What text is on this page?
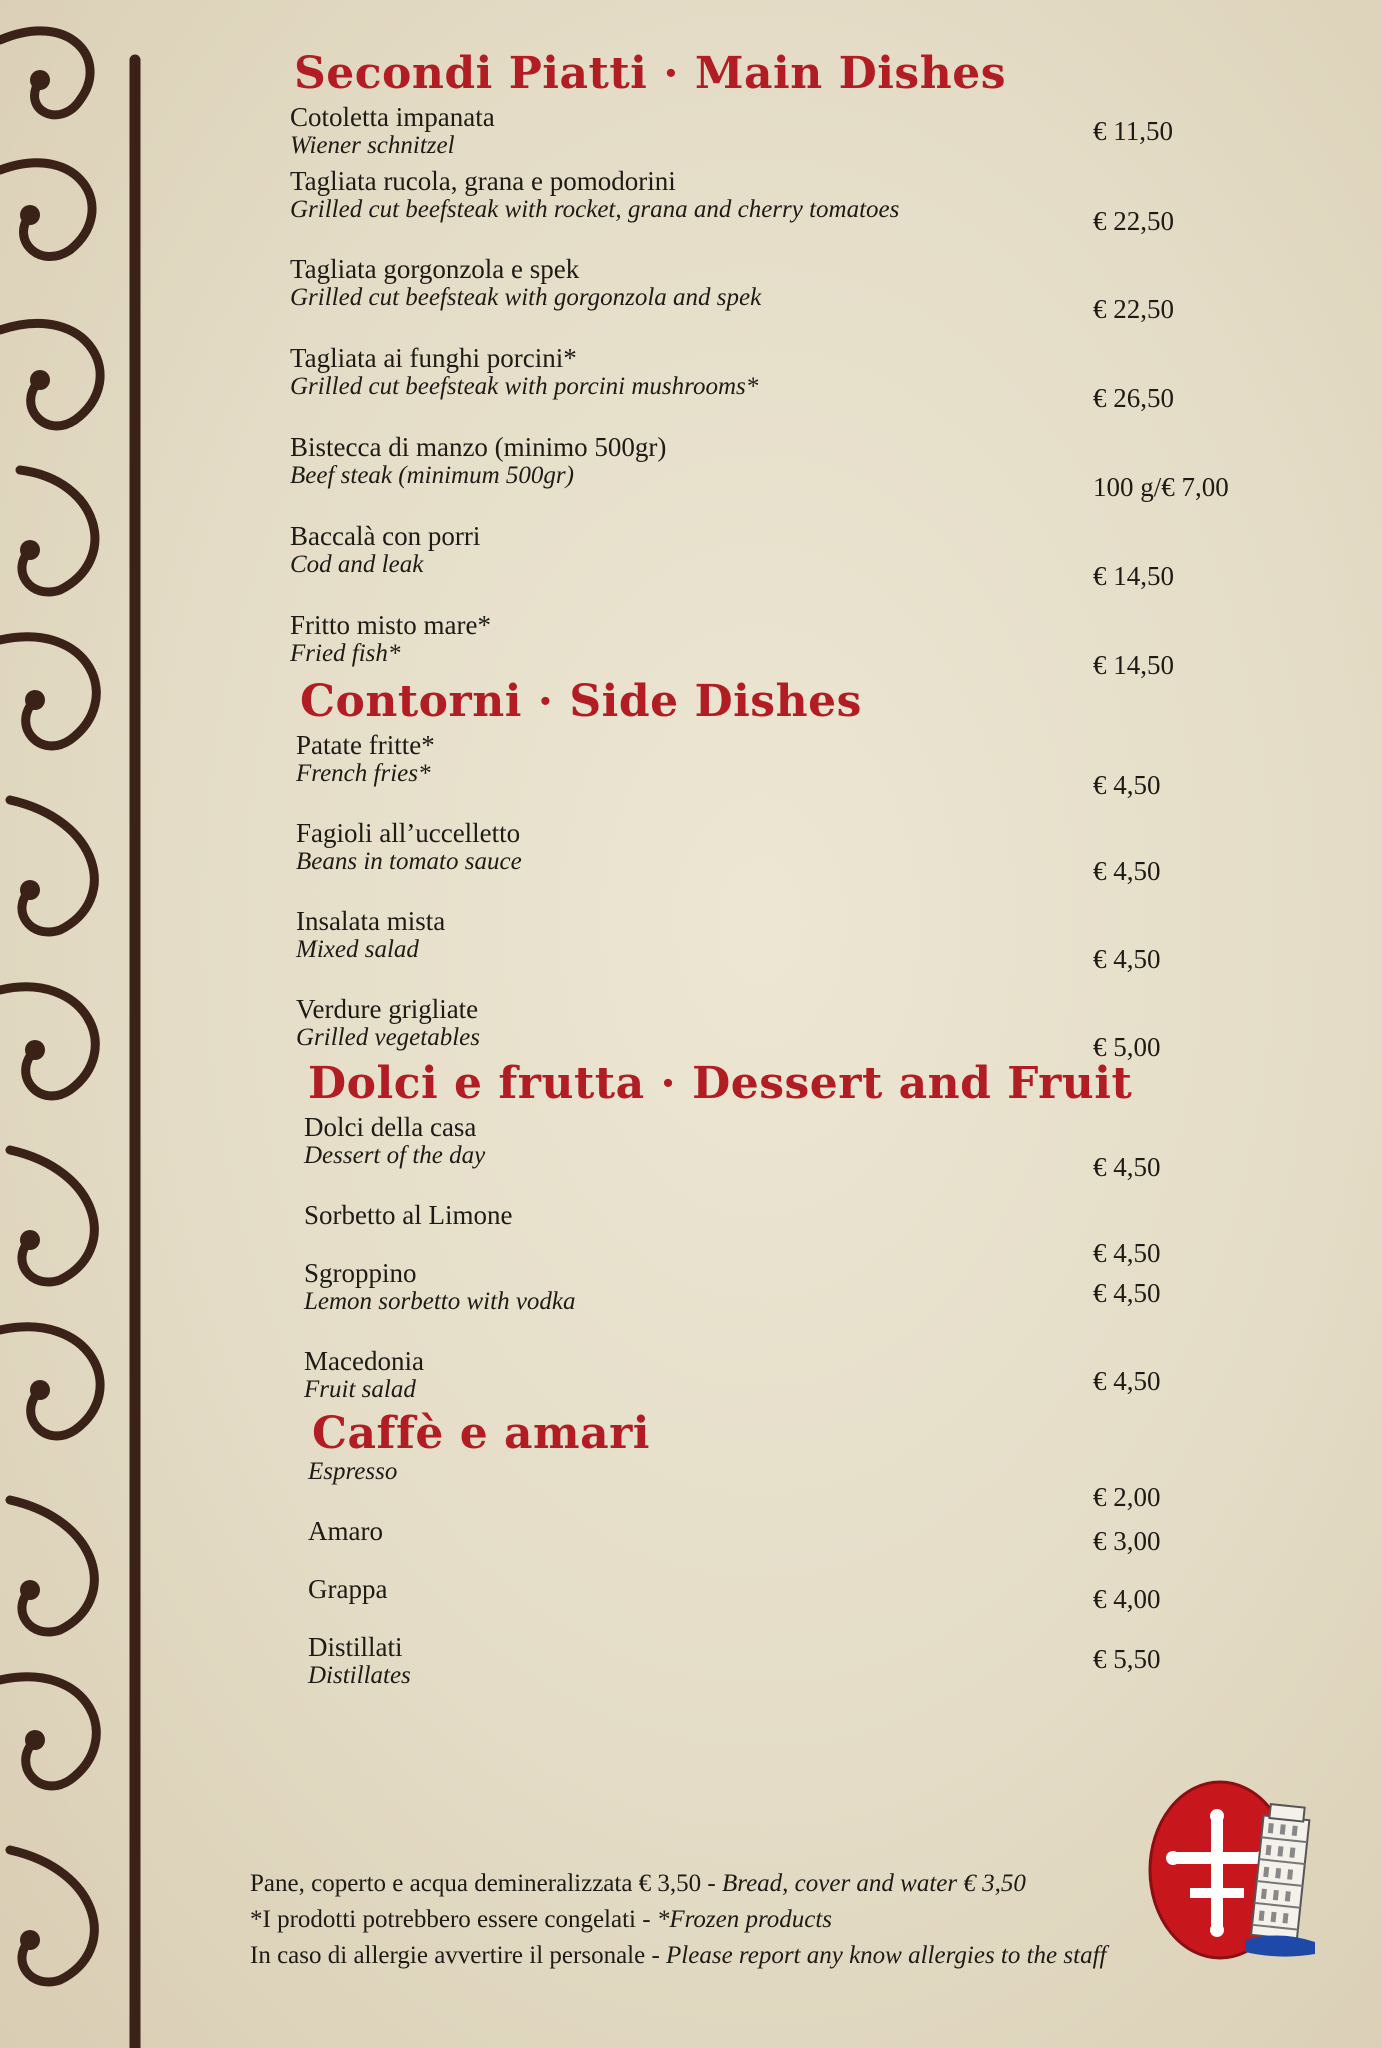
Secondi Piatti · Main Dishes
Cotoletta impanata
Wiener schnitzel	€ 11,50
Tagliata rucola, grana e pomodorini
Grilled cut beefsteak with rocket, grana and cherry tomatoes	€ 22,50
Tagliata gorgonzola e spek
Grilled cut beefsteak with gorgonzola and spek	€ 22,50
Tagliata ai funghi porcini*
Grilled cut beefsteak with porcini mushrooms*	€ 26,50
Bistecca di manzo (minimo 500gr)
Beef steak (minimum 500gr)	100 g/€ 7,00
Baccalà con porri
Cod and leak	€ 14,50
Fritto misto mare*
Fried fish*	€ 14,50
Contorni · Side Dishes
Patate fritte*
French fries*	€ 4,50
Fagioli all’uccelletto
Beans in tomato sauce	€ 4,50
Insalata mista
Mixed salad	€ 4,50
Verdure grigliate
Grilled vegetables	€ 5,00
Dolci e frutta · Dessert and Fruit
Dolci della casa
Dessert of the day	€ 4,50
Sorbetto al Limone
€ 4,50
Sgroppino
Lemon sorbetto with vodka	€ 4,50
Macedonia
Fruit salad	€ 4,50
Caffè e amari
Espresso
€ 2,00
Amaro	€ 3,00
Grappa	€ 4,00
Distillati
Distillates
€ 5,50
Pane, coperto e acqua demineralizzata € 3,50 - Bread, cover and water € 3,50
*I prodotti potrebbero essere congelati - *Frozen products
In caso di allergie avvertire il personale - Please report any know allergies to the staff
